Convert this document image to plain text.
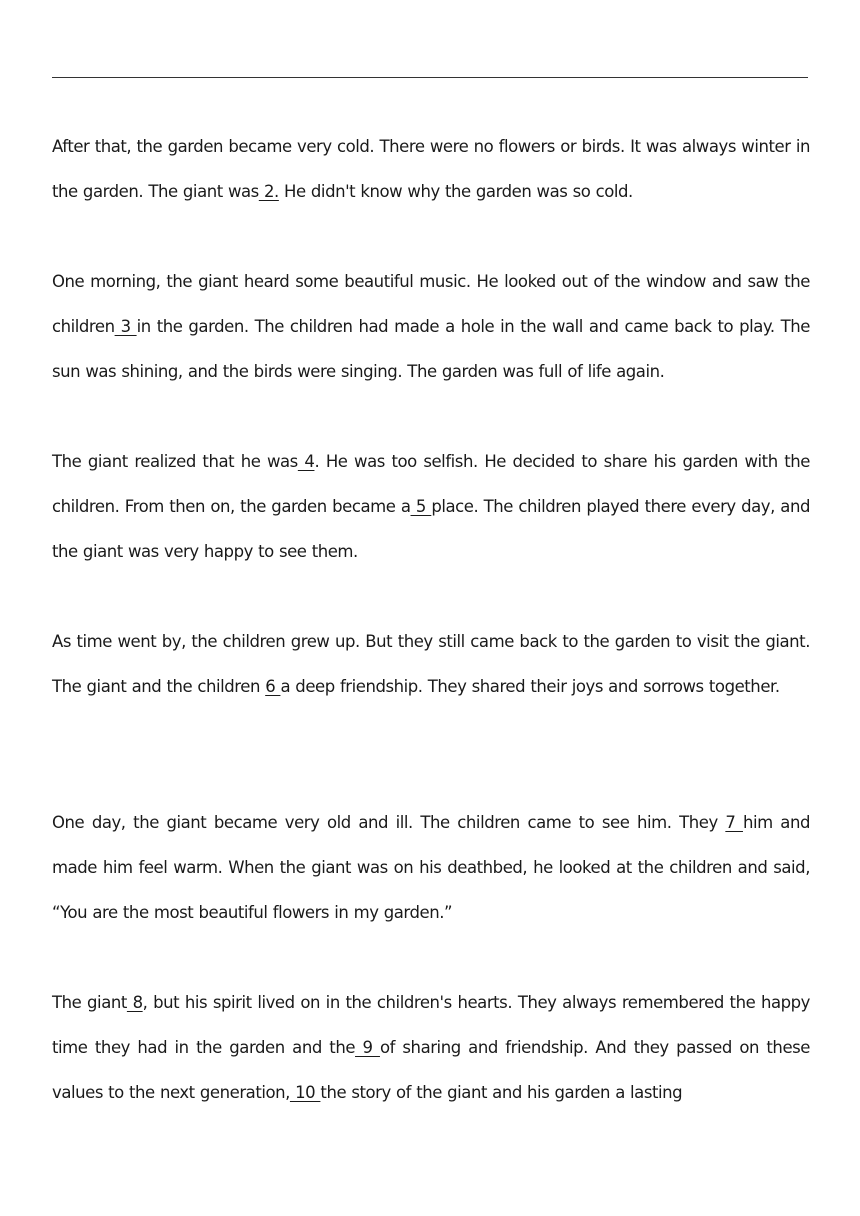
After that, the garden became very cold. There were no flowers or birds. It was always winter in the garden. The giant was 2. He didn't know why the garden was so cold.

One morning, the giant heard some beautiful music. He looked out of the window and saw the children 3 in the garden. The children had made a hole in the wall and came back to play. The sun was shining, and the birds were singing. The garden was full of life again.

The giant realized that he was 4. He was too selfish. He decided to share his garden with the children. From then on, the garden became a 5 place. The children played there every day, and the giant was very happy to see them.

As time went by, the children grew up. But they still came back to the garden to visit the giant. The giant and the children 6 a deep friendship. They shared their joys and sorrows together.

One day, the giant became very old and ill. The children came to see him. They 7 him and made him feel warm. When the giant was on his deathbed, he looked at the children and said, “You are the most beautiful flowers in my garden.”

The giant 8, but his spirit lived on in the children's hearts. They always remembered the happy time they had in the garden and the 9 of sharing and friendship. And they passed on these values to the next generation, 10 the story of the giant and his garden a lasting
